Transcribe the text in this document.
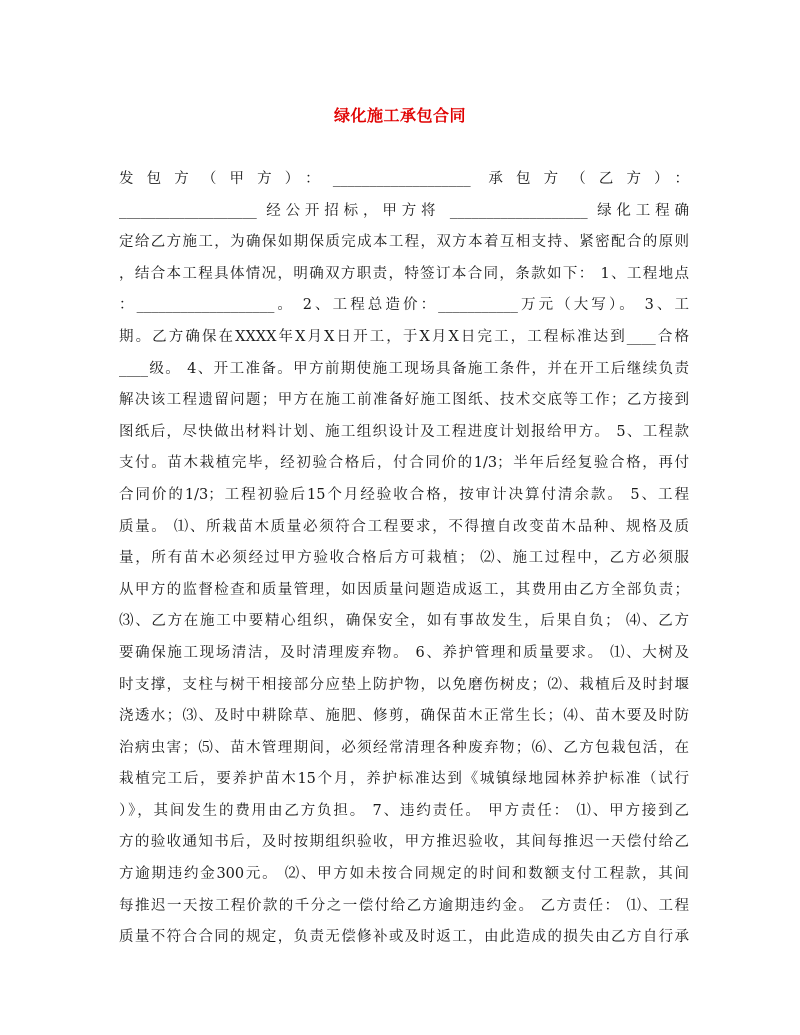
绿化施工承包合同
发包方（甲方）：___________________ 承包方（乙方）：
___________________ 经公开招标，甲方将 ___________________ 绿化工程确
定给乙方施工，为确保如期保质完成本工程，双方本着互相支持、紧密配合的原则
，结合本工程具体情况，明确双方职责，特签订本合同，条款如下： 1、工程地点
：___________________。 2、工程总造价：___________万元（大写）。 3、工
期。乙方确保在XXXX年X月X日开工，于X月X日完工，工程标准达到____合格
____级。 4、开工准备。甲方前期使施工现场具备施工条件，并在开工后继续负责
解决该工程遗留问题；甲方在施工前准备好施工图纸、技术交底等工作；乙方接到
图纸后，尽快做出材料计划、施工组织设计及工程进度计划报给甲方。 5、工程款
支付。苗木栽植完毕，经初验合格后，付合同价的1/3；半年后经复验合格，再付
合同价的1/3；工程初验后15个月经验收合格，按审计决算付清余款。 5、工程
质量。 ⑴、所栽苗木质量必须符合工程要求，不得擅自改变苗木品种、规格及质
量，所有苗木必须经过甲方验收合格后方可栽植； ⑵、施工过程中，乙方必须服
从甲方的监督检查和质量管理，如因质量问题造成返工，其费用由乙方全部负责；
⑶、乙方在施工中要精心组织，确保安全，如有事故发生，后果自负； ⑷、乙方
要确保施工现场清洁，及时清理废弃物。 6、养护管理和质量要求。 ⑴、大树及
时支撑，支柱与树干相接部分应垫上防护物，以免磨伤树皮；⑵、栽植后及时封堰
浇透水；⑶、及时中耕除草、施肥、修剪，确保苗木正常生长；⑷、苗木要及时防
治病虫害；⑸、苗木管理期间，必须经常清理各种废弃物；⑹、乙方包栽包活，在
栽植完工后，要养护苗木15个月，养护标准达到《城镇绿地园林养护标准（试行
）》，其间发生的费用由乙方负担。 7、违约责任。 甲方责任： ⑴、甲方接到乙
方的验收通知书后，及时按期组织验收，甲方推迟验收，其间每推迟一天偿付给乙
方逾期违约金300元。 ⑵、甲方如未按合同规定的时间和数额支付工程款，其间
每推迟一天按工程价款的千分之一偿付给乙方逾期违约金。 乙方责任： ⑴、工程
质量不符合合同的规定，负责无偿修补或及时返工，由此造成的损失由乙方自行承
